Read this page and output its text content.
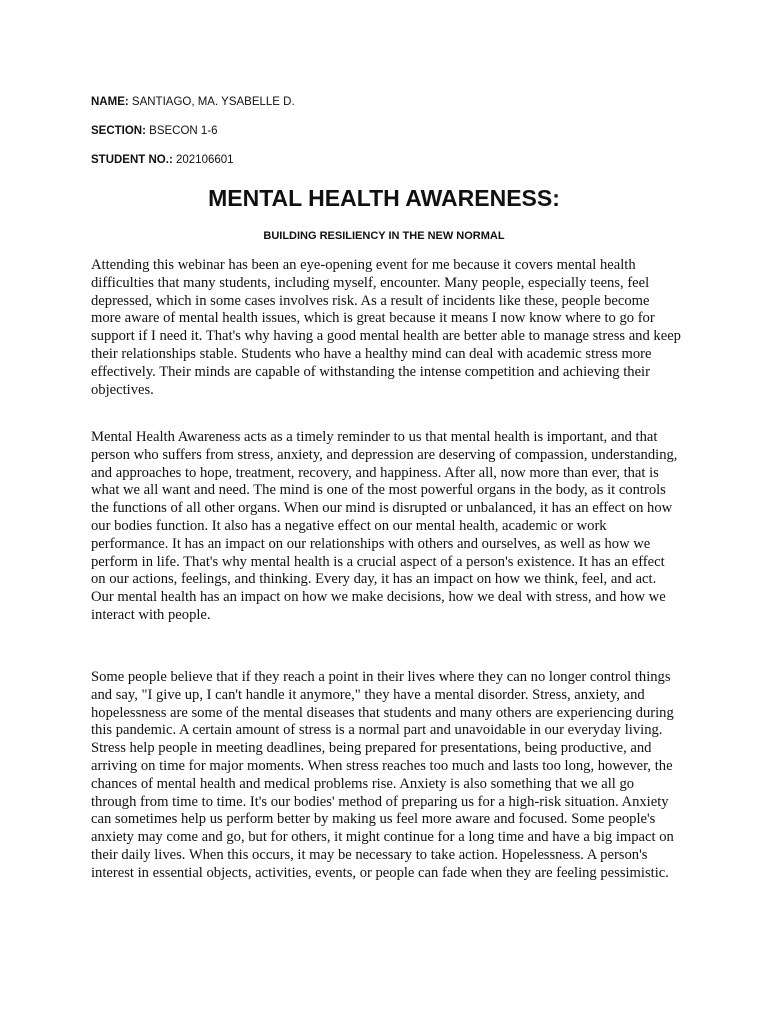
NAME: SANTIAGO, MA. YSABELLE D.
SECTION: BSECON 1-6
STUDENT NO.: 202106601
MENTAL HEALTH AWARENESS:
BUILDING RESILIENCY IN THE NEW NORMAL

Attending this webinar has been an eye-opening event for me because it covers mental health difficulties that many students, including myself, encounter. Many people, especially teens, feel depressed, which in some cases involves risk. As a result of incidents like these, people become more aware of mental health issues, which is great because it means I now know where to go for support if I need it. That's why having a good mental health are better able to manage stress and keep their relationships stable. Students who have a healthy mind can deal with academic stress more effectively. Their minds are capable of withstanding the intense competition and achieving their objectives.

Mental Health Awareness acts as a timely reminder to us that mental health is important, and that person who suffers from stress, anxiety, and depression are deserving of compassion, understanding, and approaches to hope, treatment, recovery, and happiness. After all, now more than ever, that is what we all want and need. The mind is one of the most powerful organs in the body, as it controls the functions of all other organs. When our mind is disrupted or unbalanced, it has an effect on how our bodies function. It also has a negative effect on our mental health, academic or work performance. It has an impact on our relationships with others and ourselves, as well as how we perform in life. That's why mental health is a crucial aspect of a person's existence. It has an effect on our actions, feelings, and thinking. Every day, it has an impact on how we think, feel, and act. Our mental health has an impact on how we make decisions, how we deal with stress, and how we interact with people.

Some people believe that if they reach a point in their lives where they can no longer control things and say, "I give up, I can't handle it anymore," they have a mental disorder. Stress, anxiety, and hopelessness are some of the mental diseases that students and many others are experiencing during this pandemic. A certain amount of stress is a normal part and unavoidable in our everyday living. Stress help people in meeting deadlines, being prepared for presentations, being productive, and arriving on time for major moments. When stress reaches too much and lasts too long, however, the chances of mental health and medical problems rise. Anxiety is also something that we all go through from time to time. It's our bodies' method of preparing us for a high-risk situation. Anxiety can sometimes help us perform better by making us feel more aware and focused. Some people's anxiety may come and go, but for others, it might continue for a long time and have a big impact on their daily lives. When this occurs, it may be necessary to take action. Hopelessness. A person's interest in essential objects, activities, events, or people can fade when they are feeling pessimistic.
